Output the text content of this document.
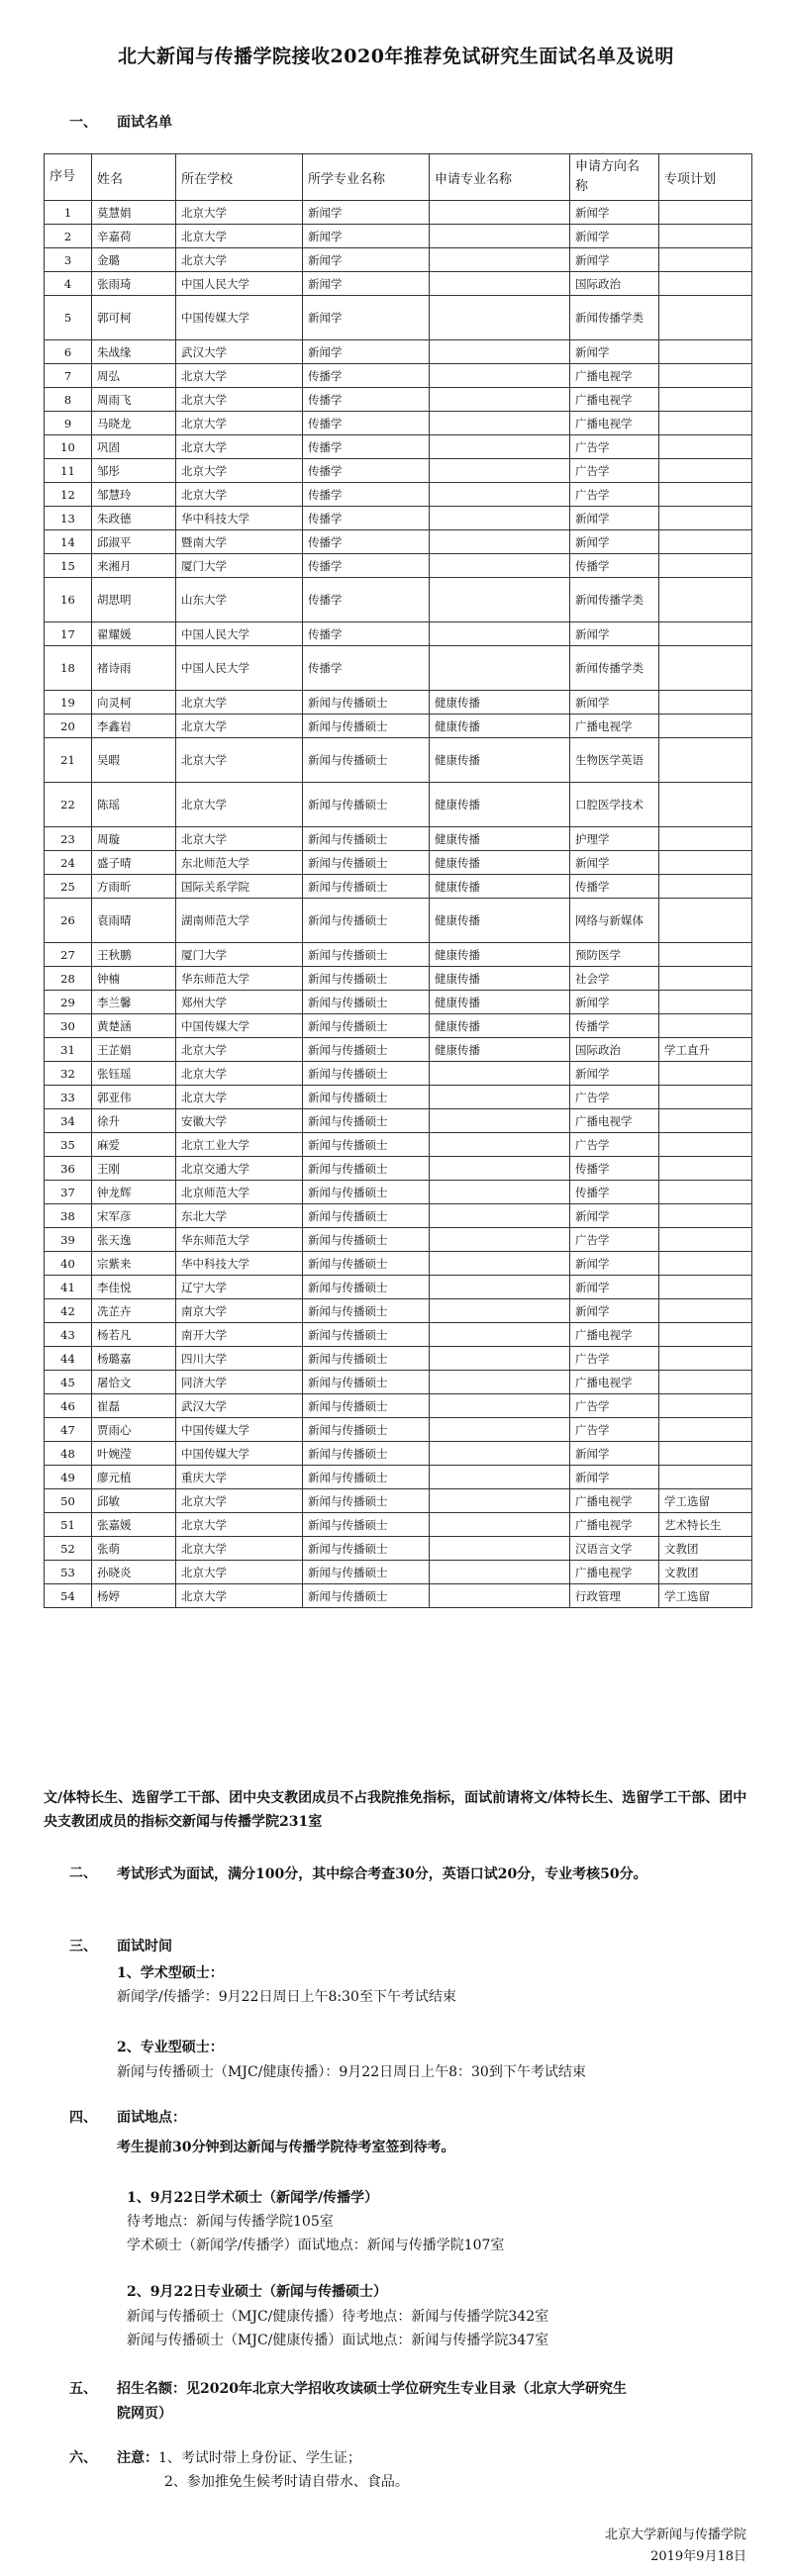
北大新闻与传播学院接收2020年推荐免试研究生面试名单及说明
一、 面试名单
序号	姓名	所在学校	所学专业名称	申请专业名称	申请方向名称	专项计划
1	莫慧娟	北京大学	新闻学		新闻学	
2	辛嘉荷	北京大学	新闻学		新闻学	
3	金璐	北京大学	新闻学		新闻学	
4	张雨琦	中国人民大学	新闻学		国际政治	
5	郭可柯	中国传媒大学	新闻学		新闻传播学类	

6	朱战缘	武汉大学	新闻学		新闻学	
7	周弘	北京大学	传播学		广播电视学	
8	周雨飞	北京大学	传播学		广播电视学	
9	马晓龙	北京大学	传播学		广播电视学	
10	巩固	北京大学	传播学		广告学	
11	邹彤	北京大学	传播学		广告学	
12	邹慧玲	北京大学	传播学		广告学	
13	朱政德	华中科技大学	传播学		新闻学	
14	邱淑平	暨南大学	传播学		新闻学	
15	来湘月	厦门大学	传播学		传播学	
16	胡思明	山东大学	传播学		新闻传播学类	

17	翟耀媛	中国人民大学	传播学		新闻学	
18	褚诗雨	中国人民大学	传播学		新闻传播学类	

19	向灵柯	北京大学	新闻与传播硕士	健康传播	新闻学	
20	李鑫岩	北京大学	新闻与传播硕士	健康传播	广播电视学	
21	吴暇	北京大学	新闻与传播硕士	健康传播	生物医学英语	

22	陈瑶	北京大学	新闻与传播硕士	健康传播	口腔医学技术	

23	周璇	北京大学	新闻与传播硕士	健康传播	护理学	
24	盛子晴	东北师范大学	新闻与传播硕士	健康传播	新闻学	
25	方雨昕	国际关系学院	新闻与传播硕士	健康传播	传播学	
26	袁雨晴	湖南师范大学	新闻与传播硕士	健康传播	网络与新媒体	

27	王秋鹏	厦门大学	新闻与传播硕士	健康传播	预防医学	
28	钟楠	华东师范大学	新闻与传播硕士	健康传播	社会学	
29	李兰馨	郑州大学	新闻与传播硕士	健康传播	新闻学	
30	黄楚涵	中国传媒大学	新闻与传播硕士	健康传播	传播学	
31	王芷娟	北京大学	新闻与传播硕士	健康传播	国际政治	学工直升
32	张钰瑶	北京大学	新闻与传播硕士		新闻学	
33	郭亚伟	北京大学	新闻与传播硕士		广告学	
34	徐升	安徽大学	新闻与传播硕士		广播电视学	
35	麻爱	北京工业大学	新闻与传播硕士		广告学	
36	王刚	北京交通大学	新闻与传播硕士		传播学	
37	钟龙辉	北京师范大学	新闻与传播硕士		传播学	
38	宋军彦	东北大学	新闻与传播硕士		新闻学	
39	张天逸	华东师范大学	新闻与传播硕士		广告学	
40	宗紫来	华中科技大学	新闻与传播硕士		新闻学	
41	李佳悦	辽宁大学	新闻与传播硕士		新闻学	
42	冼芷卉	南京大学	新闻与传播硕士		新闻学	
43	杨若凡	南开大学	新闻与传播硕士		广播电视学	
44	杨璐嘉	四川大学	新闻与传播硕士		广告学	
45	屠恰文	同济大学	新闻与传播硕士		广播电视学	
46	崔磊	武汉大学	新闻与传播硕士		广告学	
47	贾雨心	中国传媒大学	新闻与传播硕士		广告学	
48	叶婉滢	中国传媒大学	新闻与传播硕士		新闻学	
49	廖元植	重庆大学	新闻与传播硕士		新闻学	
50	邱敏	北京大学	新闻与传播硕士		广播电视学	学工选留
51	张嘉媛	北京大学	新闻与传播硕士		广播电视学	艺术特长生
52	张萌	北京大学	新闻与传播硕士		汉语言文学	文教团
53	孙晓炎	北京大学	新闻与传播硕士		广播电视学	文教团
54	杨婷	北京大学	新闻与传播硕士		行政管理	学工选留
文/体特长生、选留学工干部、团中央支教团成员不占我院推免指标，面试前请将文/体特长生、选留学工干部、团中央支教团成员的指标交新闻与传播学院231室
二、 考试形式为面试，满分100分，其中综合考查30分，英语口试20分，专业考核50分。
三、 面试时间
1、学术型硕士：
新闻学/传播学：9月22日周日上午8:30至下午考试结束
2、专业型硕士：
新闻与传播硕士（MJC/健康传播）：9月22日周日上午8：30到下午考试结束
四、 面试地点：
考生提前30分钟到达新闻与传播学院待考室签到待考。
1、9月22日学术硕士（新闻学/传播学）
待考地点：新闻与传播学院105室
学术硕士（新闻学/传播学）面试地点：新闻与传播学院107室
2、9月22日专业硕士（新闻与传播硕士）
新闻与传播硕士（MJC/健康传播）待考地点：新闻与传播学院342室
新闻与传播硕士（MJC/健康传播）面试地点：新闻与传播学院347室
五、 招生名额：见2020年北京大学招收攻读硕士学位研究生专业目录（北京大学研究生
院网页）
六、 注意：1、考试时带上身份证、学生证；
2、参加推免生候考时请自带水、食品。
北京大学新闻与传播学院
2019年9月18日
